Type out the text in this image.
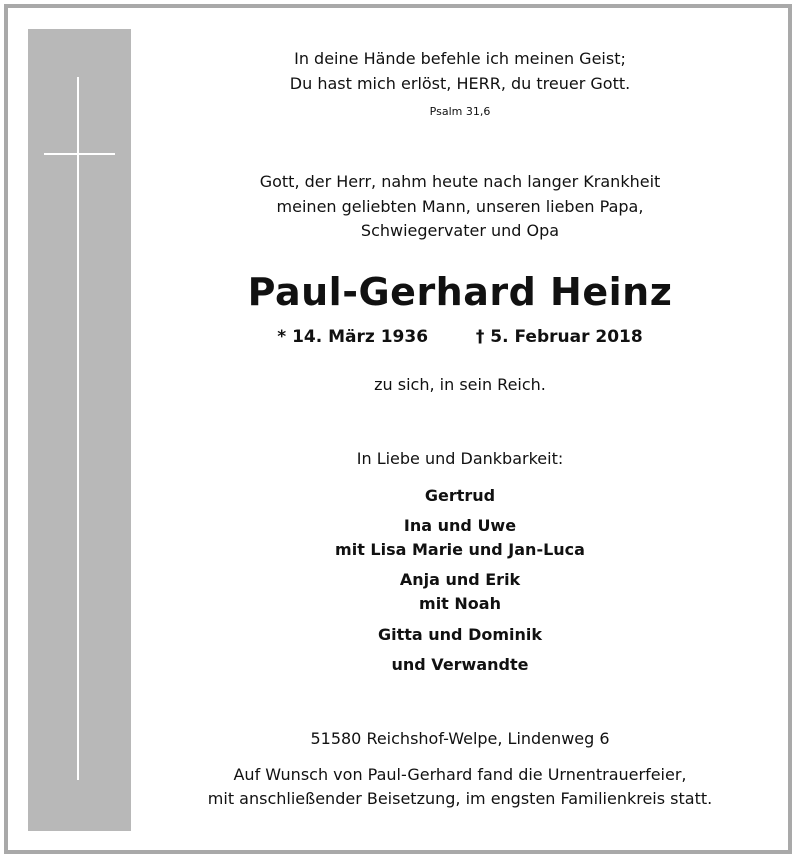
In deine Hände befehle ich meinen Geist;
Du hast mich erlöst, HERR, du treuer Gott.
Psalm 31,6
Gott, der Herr, nahm heute nach langer Krankheit
meinen geliebten Mann, unseren lieben Papa,
Schwiegervater und Opa
Paul-Gerhard Heinz
* 14. März 1936	† 5. Februar 2018
zu sich, in sein Reich.
In Liebe und Dankbarkeit:
Gertrud
Ina und Uwe
mit Lisa Marie und Jan-Luca
Anja und Erik
mit Noah
Gitta und Dominik
und Verwandte
51580 Reichshof-Welpe, Lindenweg 6
Auf Wunsch von Paul-Gerhard fand die Urnentrauerfeier,
mit anschließender Beisetzung, im engsten Familienkreis statt.
